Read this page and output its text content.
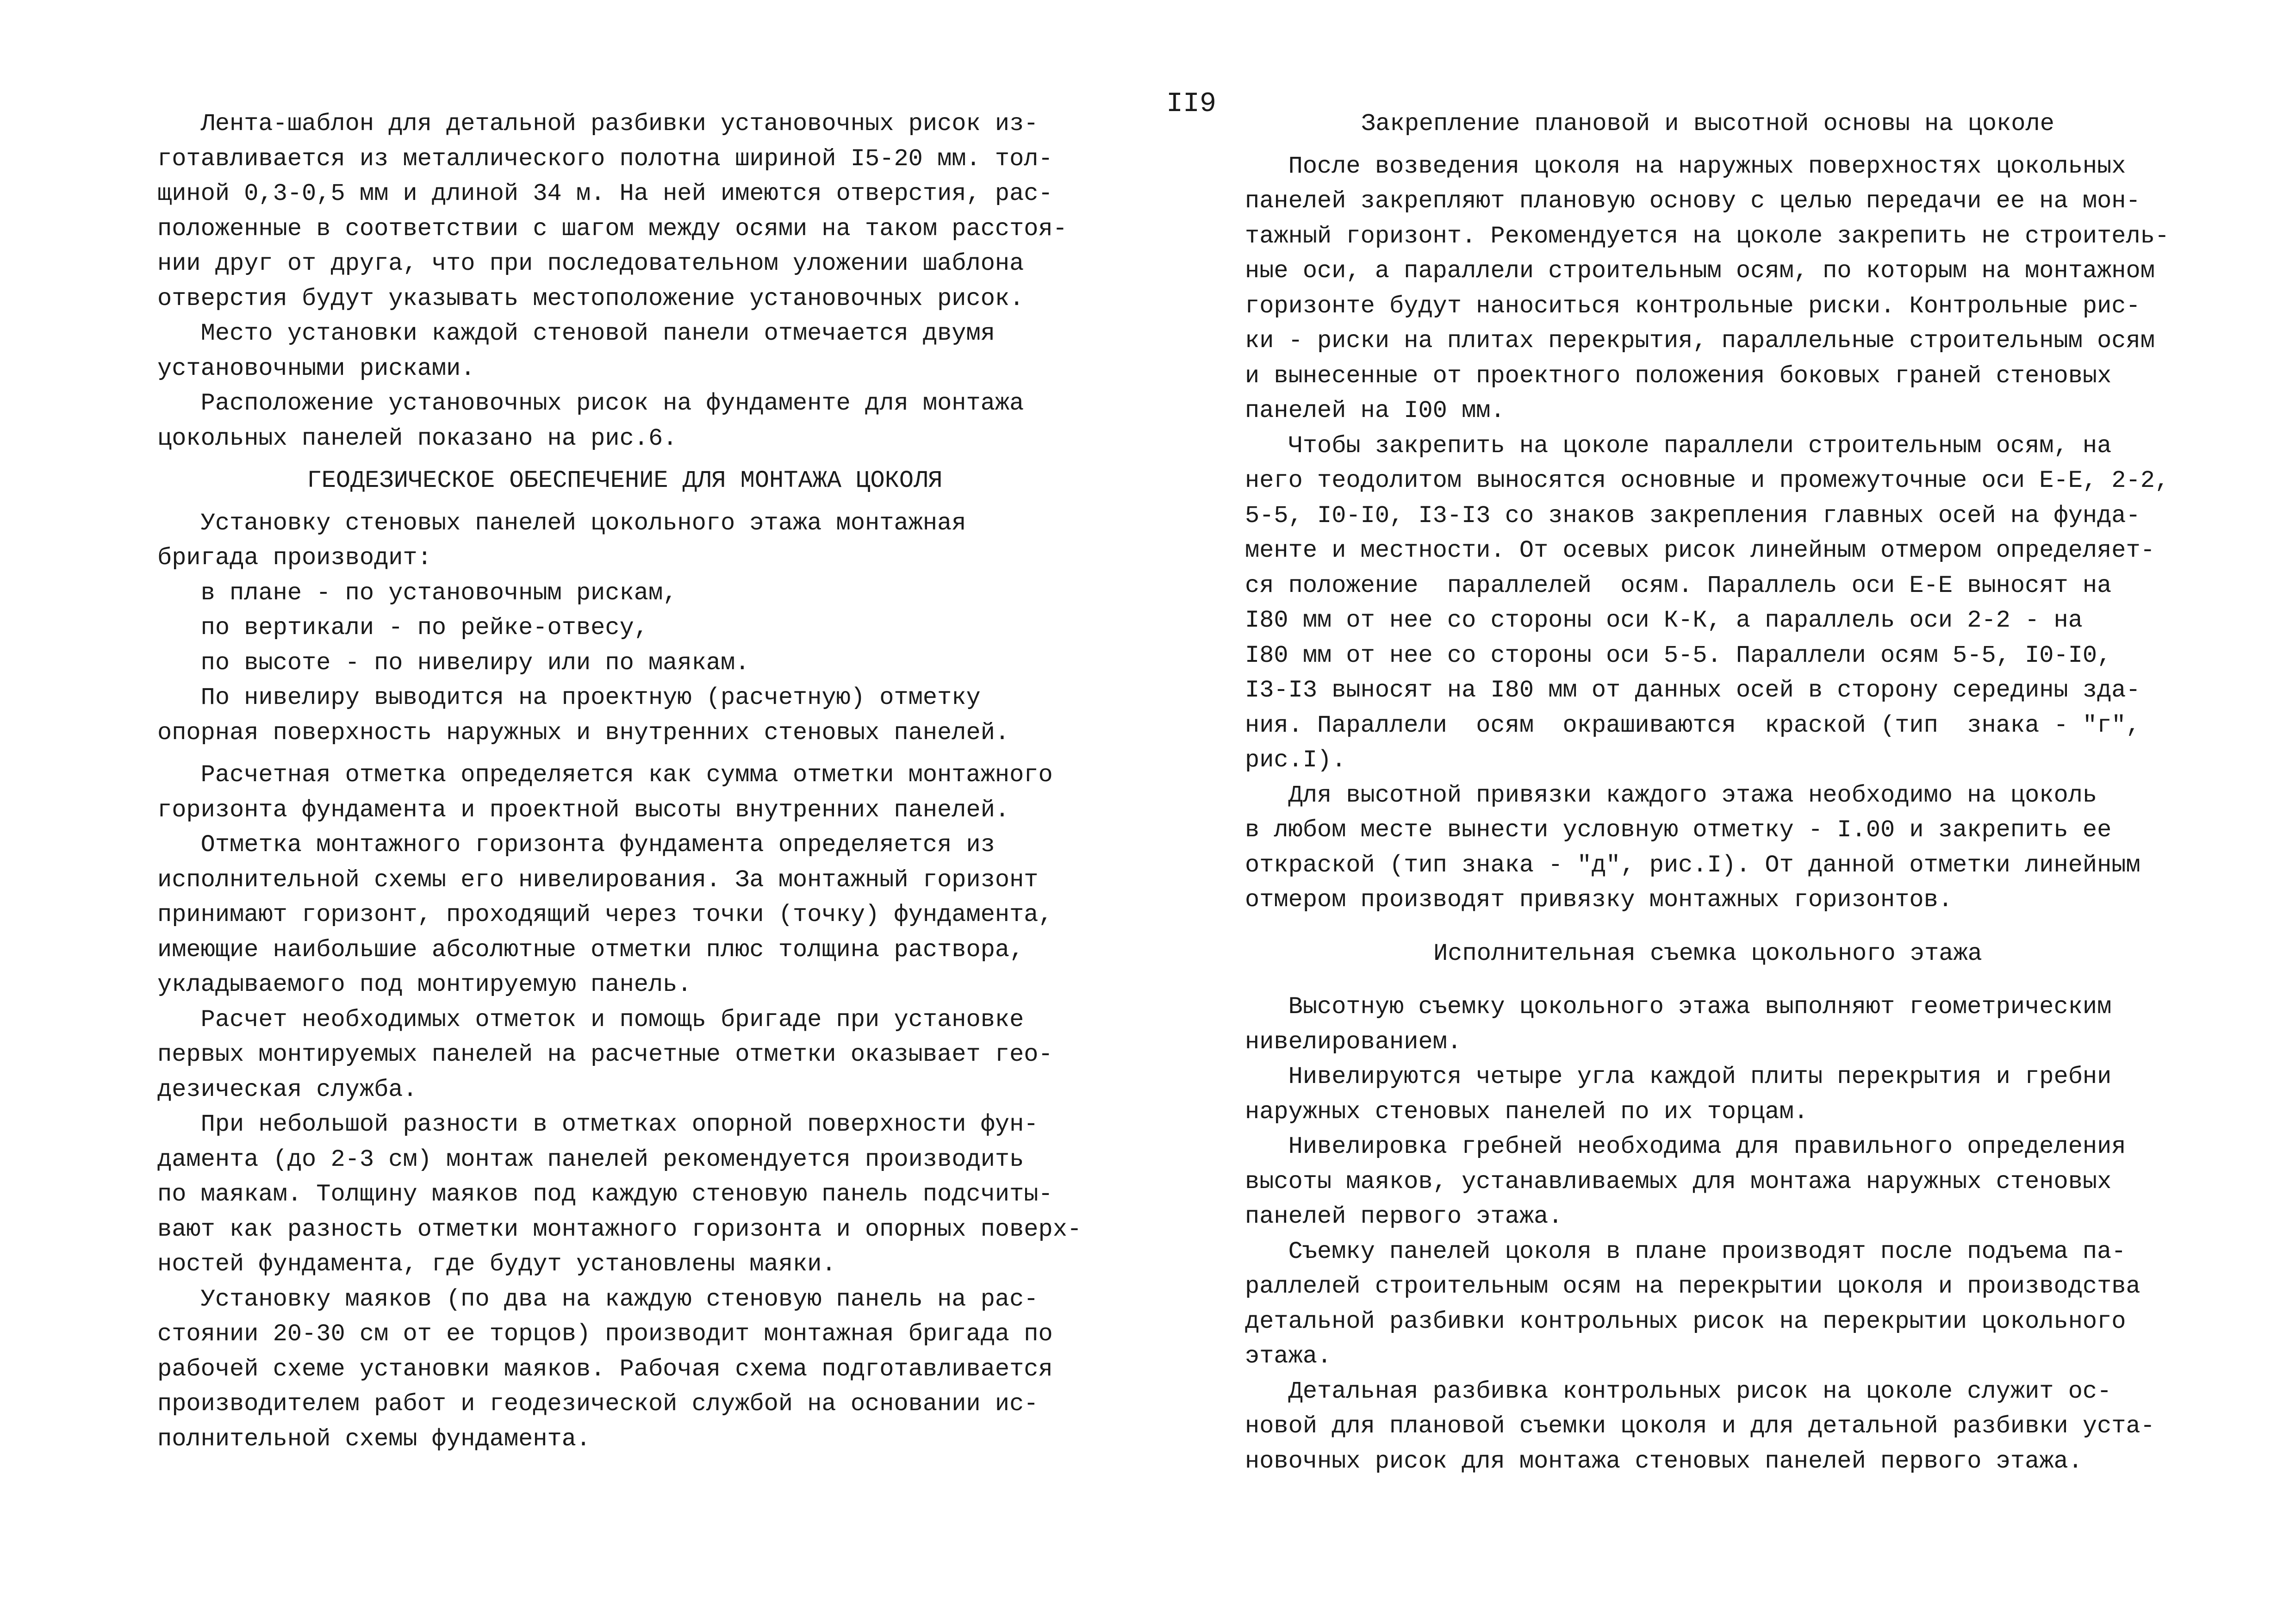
II9
Лента-шаблон для детальной разбивки установочных рисок из-
готавливается из металлического полотна шириной I5-20 мм. тол-
щиной 0,3-0,5 мм и длиной 34 м. На ней имеются отверстия, рас-
положенные в соответствии с шагом между осями на таком расстоя-
нии друг от друга, что при последовательном уложении шаблона
отверстия будут указывать местоположение установочных рисок.
Место установки каждой стеновой панели отмечается двумя
установочными рисками.
Расположение установочных рисок на фундаменте для монтажа
цокольных панелей показано на рис.6.
ГЕОДЕЗИЧЕСКОЕ ОБЕСПЕЧЕНИЕ ДЛЯ МОНТАЖА ЦОКОЛЯ
Установку стеновых панелей цокольного этажа монтажная
бригада производит:
в плане - по установочным рискам,
по вертикали - по рейке-отвесу,
по высоте - по нивелиру или по маякам.
По нивелиру выводится на проектную (расчетную) отметку
опорная поверхность наружных и внутренних стеновых панелей.
Расчетная отметка определяется как сумма отметки монтажного
горизонта фундамента и проектной высоты внутренних панелей.
Отметка монтажного горизонта фундамента определяется из
исполнительной схемы его нивелирования. За монтажный горизонт
принимают горизонт, проходящий через точки (точку) фундамента,
имеющие наибольшие абсолютные отметки плюс толщина раствора,
укладываемого под монтируемую панель.
Расчет необходимых отметок и помощь бригаде при установке
первых монтируемых панелей на расчетные отметки оказывает гео-
дезическая служба.
При небольшой разности в отметках опорной поверхности фун-
дамента (до 2-3 см) монтаж панелей рекомендуется производить
по маякам. Толщину маяков под каждую стеновую панель подсчиты-
вают как разность отметки монтажного горизонта и опорных поверх-
ностей фундамента, где будут установлены маяки.
Установку маяков (по два на каждую стеновую панель на рас-
стоянии 20-30 см от ее торцов) производит монтажная бригада по
рабочей схеме установки маяков. Рабочая схема подготавливается
производителем работ и геодезической службой на основании ис-
полнительной схемы фундамента.
Закрепление плановой и высотной основы на цоколе
После возведения цоколя на наружных поверхностях цокольных
панелей закрепляют плановую основу с целью передачи ее на мон-
тажный горизонт. Рекомендуется на цоколе закрепить не строитель-
ные оси, а параллели строительным осям, по которым на монтажном
горизонте будут наноситься контрольные риски. Контрольные рис-
ки - риски на плитах перекрытия, параллельные строительным осям
и вынесенные от проектного положения боковых граней стеновых
панелей на I00 мм.
Чтобы закрепить на цоколе параллели строительным осям, на
него теодолитом выносятся основные и промежуточные оси Е-Е, 2-2,
5-5, I0-I0, I3-I3 со знаков закрепления главных осей на фунда-
менте и местности. От осевых рисок линейным отмером определяет-
ся положение  параллелей  осям. Параллель оси Е-Е выносят на
I80 мм от нее со стороны оси К-К, а параллель оси 2-2 - на
I80 мм от нее со стороны оси 5-5. Параллели осям 5-5, I0-I0,
I3-I3 выносят на I80 мм от данных осей в сторону середины зда-
ния. Параллели  осям  окрашиваются  краской (тип  знака - "г",
рис.I).
Для высотной привязки каждого этажа необходимо на цоколь
в любом месте вынести условную отметку - I.00 и закрепить ее
откраской (тип знака - "д", рис.I). От данной отметки линейным
отмером производят привязку монтажных горизонтов.
Исполнительная съемка цокольного этажа
Высотную съемку цокольного этажа выполняют геометрическим
нивелированием.
Нивелируются четыре угла каждой плиты перекрытия и гребни
наружных стеновых панелей по их торцам.
Нивелировка гребней необходима для правильного определения
высоты маяков, устанавливаемых для монтажа наружных стеновых
панелей первого этажа.
Съемку панелей цоколя в плане производят после подъема па-
раллелей строительным осям на перекрытии цоколя и производства
детальной разбивки контрольных рисок на перекрытии цокольного
этажа.
Детальная разбивка контрольных рисок на цоколе служит ос-
новой для плановой съемки цоколя и для детальной разбивки уста-
новочных рисок для монтажа стеновых панелей первого этажа.
